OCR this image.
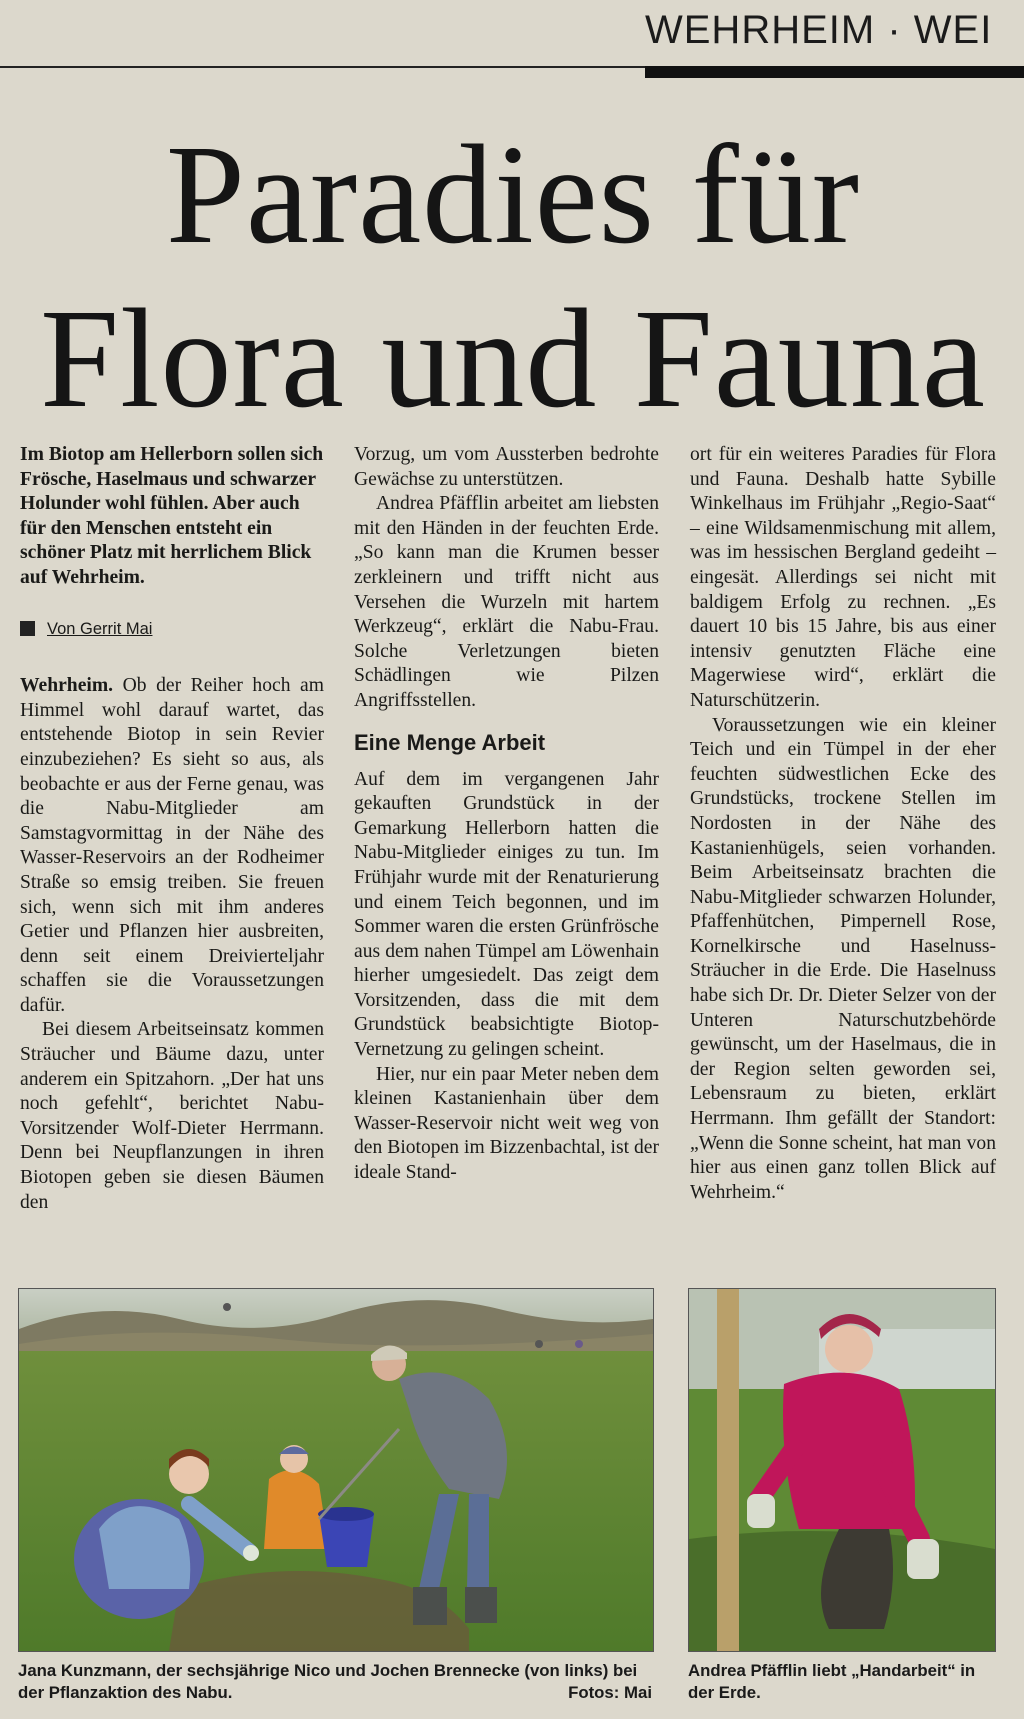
WEHRHEIM · WEI
Paradies für
Flora und Fauna

Im Biotop am Hellerborn sollen sich Frösche, Haselmaus und schwarzer Holunder wohl fühlen. Aber auch für den Menschen entsteht ein schöner Platz mit herrlichem Blick auf Wehrheim.

Von Gerrit Mai

Wehrheim. Ob der Reiher hoch am Himmel wohl darauf wartet, das entstehende Biotop in sein Revier einzubeziehen? Es sieht so aus, als beobachte er aus der Ferne genau, was die Nabu-Mitglieder am Samstagvormittag in der Nähe des Wasser-Reservoirs an der Rodheimer Straße so emsig treiben. Sie freuen sich, wenn sich mit ihm anderes Getier und Pflanzen hier ausbreiten, denn seit einem Dreivierteljahr schaffen sie die Voraussetzungen dafür.

Bei diesem Arbeitseinsatz kommen Sträucher und Bäume dazu, unter anderem ein Spitzahorn. „Der hat uns noch gefehlt“, berichtet Nabu-Vorsitzender Wolf-Dieter Herrmann. Denn bei Neupflanzungen in ihren Biotopen geben sie diesen Bäumen den

Vorzug, um vom Aussterben bedrohte Gewächse zu unterstützen.

Andrea Pfäfflin arbeitet am liebsten mit den Händen in der feuchten Erde. „So kann man die Krumen besser zerkleinern und trifft nicht aus Versehen die Wurzeln mit hartem Werkzeug“, erklärt die Nabu-Frau. Solche Verletzungen bieten Schädlingen wie Pilzen Angriffsstellen.

Eine Menge Arbeit

Auf dem im vergangenen Jahr gekauften Grundstück in der Gemarkung Hellerborn hatten die Nabu-Mitglieder einiges zu tun. Im Frühjahr wurde mit der Renaturierung und einem Teich begonnen, und im Sommer waren die ersten Grünfrösche aus dem nahen Tümpel am Löwenhain hierher umgesiedelt. Das zeigt dem Vorsitzenden, dass die mit dem Grundstück beabsichtigte Biotop-Vernetzung zu gelingen scheint.

Hier, nur ein paar Meter neben dem kleinen Kastanienhain über dem Wasser-Reservoir nicht weit weg von den Biotopen im Bizzenbachtal, ist der ideale Stand-

ort für ein weiteres Paradies für Flora und Fauna. Deshalb hatte Sybille Winkelhaus im Frühjahr „Regio-Saat“ – eine Wildsamenmischung mit allem, was im hessischen Bergland gedeiht – eingesät. Allerdings sei nicht mit baldigem Erfolg zu rechnen. „Es dauert 10 bis 15 Jahre, bis aus einer intensiv genutzten Fläche eine Magerwiese wird“, erklärt die Naturschützerin.

Voraussetzungen wie ein kleiner Teich und ein Tümpel in der eher feuchten südwestlichen Ecke des Grundstücks, trockene Stellen im Nordosten in der Nähe des Kastanienhügels, seien vorhanden. Beim Arbeitseinsatz brachten die Nabu-Mitglieder schwarzen Holunder, Pfaffenhütchen, Pimpernell Rose, Kornelkirsche und Haselnuss-Sträucher in die Erde. Die Haselnuss habe sich Dr. Dr. Dieter Selzer von der Unteren Naturschutzbehörde gewünscht, um der Haselmaus, die in der Region selten geworden sei, Lebensraum zu bieten, erklärt Herrmann. Ihm gefällt der Standort: „Wenn die Sonne scheint, hat man von hier aus einen ganz tollen Blick auf Wehrheim.“

Jana Kunzmann, der sechsjährige Nico und Jochen Brennecke (von links) bei der Pflanzaktion des Nabu.	Fotos: Mai
Andrea Pfäfflin liebt „Handarbeit“ in der Erde.
